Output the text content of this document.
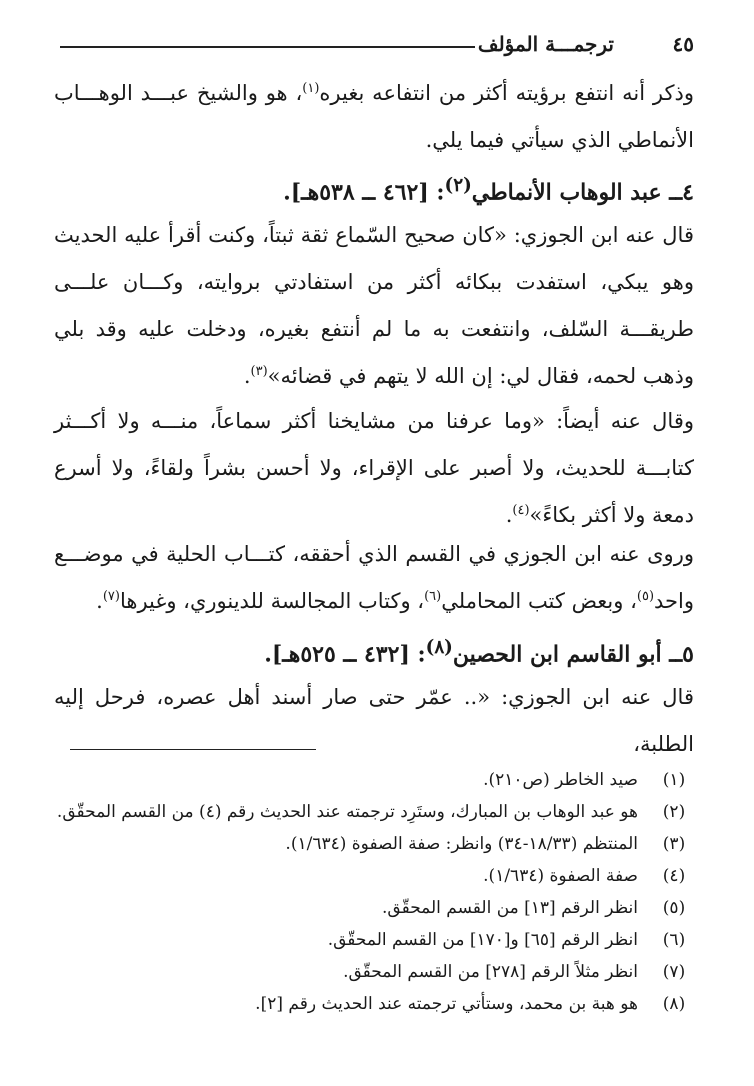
٤٥
ترجمـــة المؤلف
وذكر أنه انتفع برؤيته أكثر من انتفاعه بغيره$^{(١)}$، هو والشيخ عبـــد الوهـــاب الأنماطي الذي سيأتي فيما يلي.
٤ــ عبد الوهاب الأنماطي$^{(٢)}$: [٤٦٢ ــ ٥٣٨هـ].
قال عنه ابن الجوزي: «كان صحيح السّماع ثقة ثبتاً، وكنت أقرأ عليه الحديث وهو يبكي، استفدت ببكائه أكثر من استفادتي بروايته، وكـــان علـــى طريقـــة السّلف، وانتفعت به ما لم أنتفع بغيره، ودخلت عليه وقد بلي وذهب لحمه، فقال لي: إن الله لا يتهم في قضائه»$^{(٣)}$.
وقال عنه أيضاً: «وما عرفنا من مشايخنا أكثر سماعاً، منـــه ولا أكـــثر كتابـــة للحديث، ولا أصبر على الإقراء، ولا أحسن بشراً ولقاءً، ولا أسرع دمعة ولا أكثر بكاءً»$^{(٤)}$.
وروى عنه ابن الجوزي في القسم الذي أحققه، كتـــاب الحلية في موضـــع واحد$^{(٥)}$، وبعض كتب المحاملي$^{(٦)}$، وكتاب المجالسة للدينوري، وغيرها$^{(٧)}$.
٥ــ أبو القاسم ابن الحصين$^{(٨)}$: [٤٣٢ ــ ٥٢٥هـ].
قال عنه ابن الجوزي: «.. عمّر حتى صار أسند أهل عصره، فرحل إليه الطلبة،
(١)
صيد الخاطر (ص٢١٠).
(٢)
هو عبد الوهاب بن المبارك، وستَرِد ترجمته عند الحديث رقم (٤) من القسم المحقّق.
(٣)
المنتظم (١٨/٣٣-٣٤) وانظر: صفة الصفوة (١/٦٣٤).
(٤)
صفة الصفوة (١/٦٣٤).
(٥)
انظر الرقم [١٣] من القسم المحقّق.
(٦)
انظر الرقم [٦٥] و[١٧٠] من القسم المحقّق.
(٧)
انظر مثلاً الرقم [٢٧٨] من القسم المحقّق.
(٨)
هو هبة بن محمد، وستأتي ترجمته عند الحديث رقم [٢].
